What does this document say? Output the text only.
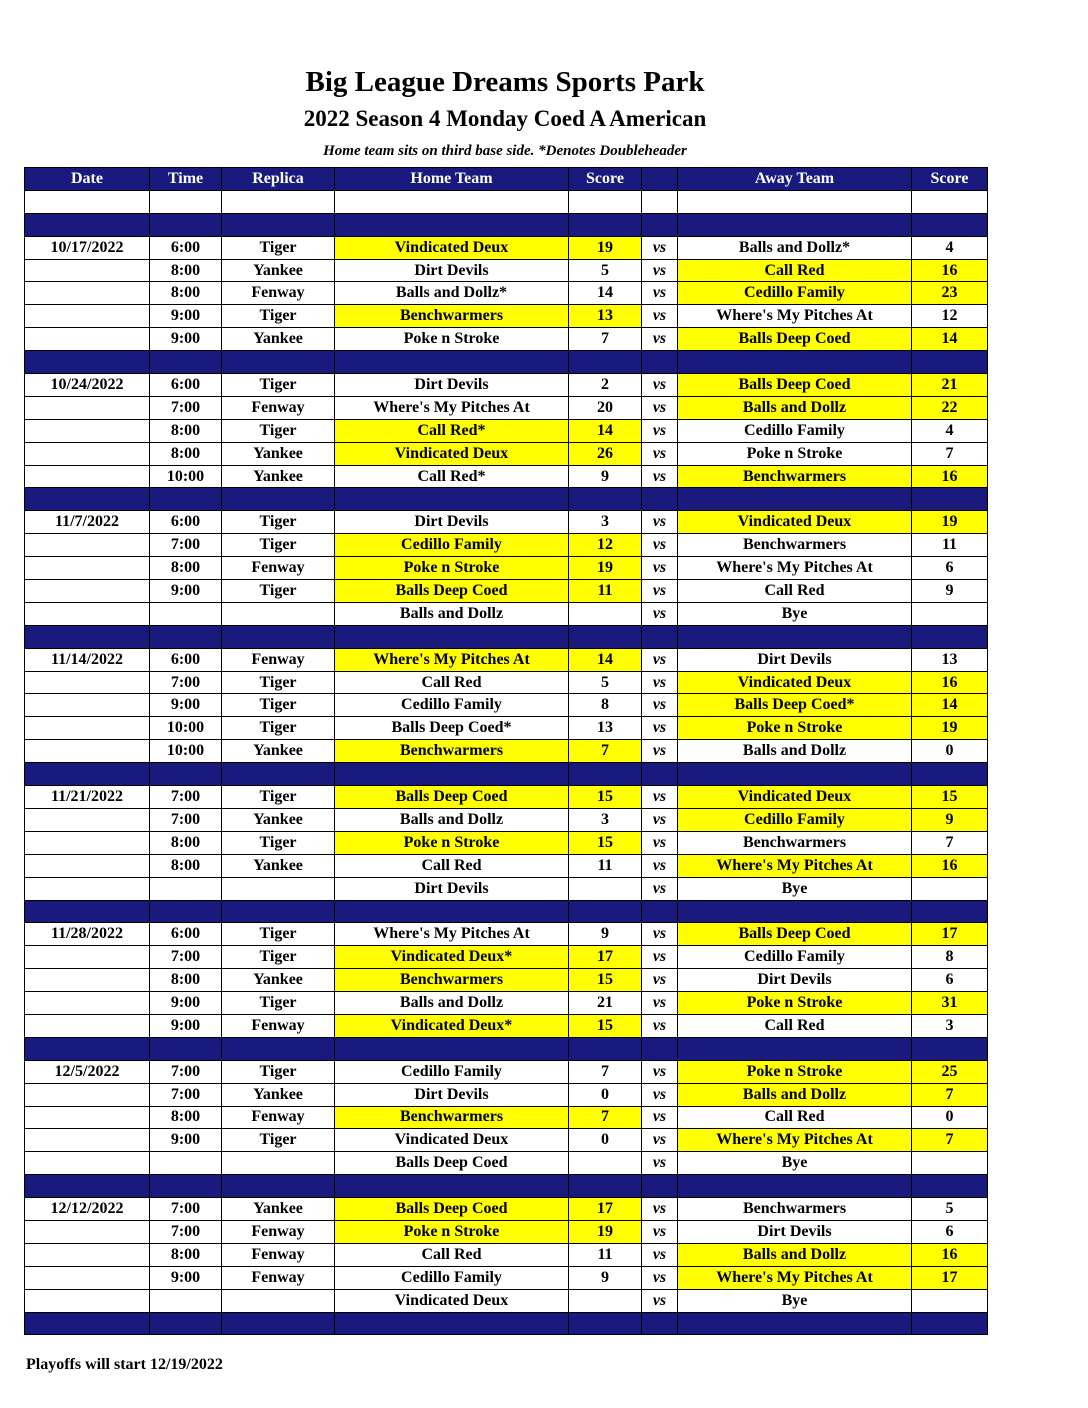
Big League Dreams Sports Park
2022 Season 4 Monday Coed A American
Home team sits on third base side. *Denotes Doubleheader
Date	Time	Replica	Home Team	Score		Away Team	Score

10/17/2022	6:00	Tiger	Vindicated Deux	19	vs	Balls and Dollz*	4
	8:00	Yankee	Dirt Devils	5	vs	Call Red	16
	8:00	Fenway	Balls and Dollz*	14	vs	Cedillo Family	23
	9:00	Tiger	Benchwarmers	13	vs	Where's My Pitches At	12
	9:00	Yankee	Poke n Stroke	7	vs	Balls Deep Coed	14

10/24/2022	6:00	Tiger	Dirt Devils	2	vs	Balls Deep Coed	21
	7:00	Fenway	Where's My Pitches At	20	vs	Balls and Dollz	22
	8:00	Tiger	Call Red*	14	vs	Cedillo Family	4
	8:00	Yankee	Vindicated Deux	26	vs	Poke n Stroke	7
	10:00	Yankee	Call Red*	9	vs	Benchwarmers	16

11/7/2022	6:00	Tiger	Dirt Devils	3	vs	Vindicated Deux	19
	7:00	Tiger	Cedillo Family	12	vs	Benchwarmers	11
	8:00	Fenway	Poke n Stroke	19	vs	Where's My Pitches At	6
	9:00	Tiger	Balls Deep Coed	11	vs	Call Red	9
			Balls and Dollz		vs	Bye	

11/14/2022	6:00	Fenway	Where's My Pitches At	14	vs	Dirt Devils	13
	7:00	Tiger	Call Red	5	vs	Vindicated Deux	16
	9:00	Tiger	Cedillo Family	8	vs	Balls Deep Coed*	14
	10:00	Tiger	Balls Deep Coed*	13	vs	Poke n Stroke	19
	10:00	Yankee	Benchwarmers	7	vs	Balls and Dollz	0

11/21/2022	7:00	Tiger	Balls Deep Coed	15	vs	Vindicated Deux	15
	7:00	Yankee	Balls and Dollz	3	vs	Cedillo Family	9
	8:00	Tiger	Poke n Stroke	15	vs	Benchwarmers	7
	8:00	Yankee	Call Red	11	vs	Where's My Pitches At	16
			Dirt Devils		vs	Bye	

11/28/2022	6:00	Tiger	Where's My Pitches At	9	vs	Balls Deep Coed	17
	7:00	Tiger	Vindicated Deux*	17	vs	Cedillo Family	8
	8:00	Yankee	Benchwarmers	15	vs	Dirt Devils	6
	9:00	Tiger	Balls and Dollz	21	vs	Poke n Stroke	31
	9:00	Fenway	Vindicated Deux*	15	vs	Call Red	3

12/5/2022	7:00	Tiger	Cedillo Family	7	vs	Poke n Stroke	25
	7:00	Yankee	Dirt Devils	0	vs	Balls and Dollz	7
	8:00	Fenway	Benchwarmers	7	vs	Call Red	0
	9:00	Tiger	Vindicated Deux	0	vs	Where's My Pitches At	7
			Balls Deep Coed		vs	Bye	

12/12/2022	7:00	Yankee	Balls Deep Coed	17	vs	Benchwarmers	5
	7:00	Fenway	Poke n Stroke	19	vs	Dirt Devils	6
	8:00	Fenway	Call Red	11	vs	Balls and Dollz	16
	9:00	Fenway	Cedillo Family	9	vs	Where's My Pitches At	17
			Vindicated Deux		vs	Bye	

Playoffs will start 12/19/2022
